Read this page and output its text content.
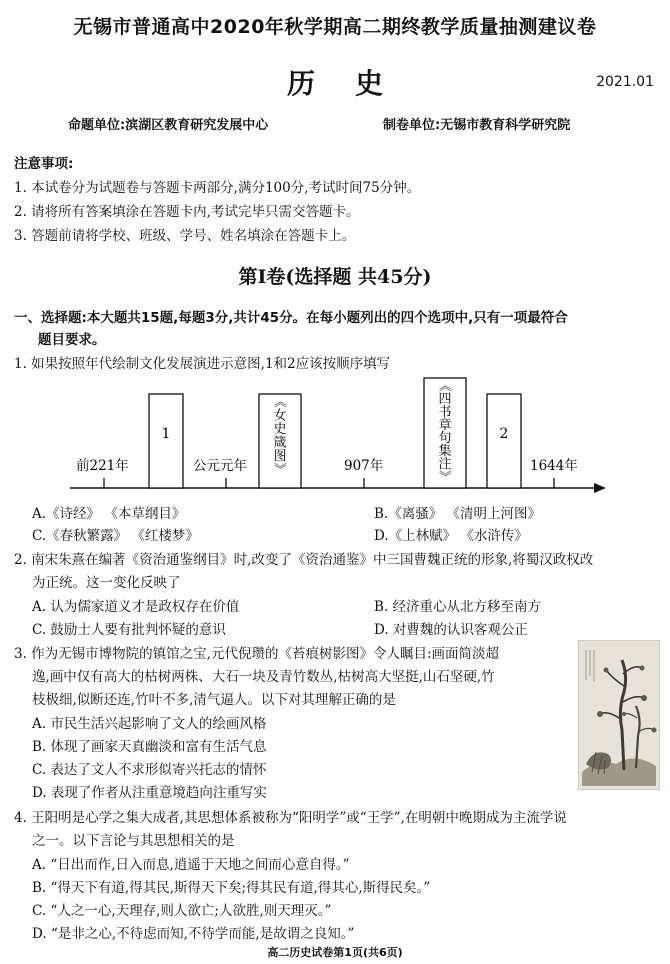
无锡市普通高中2020年秋学期高二期终教学质量抽测建议卷
历史	2021.01
命题单位:滨湖区教育研究发展中心	制卷单位:无锡市教育科学研究院
注意事项:
1. 本试卷分为试题卷与答题卡两部分,满分100分,考试时间75分钟。
2. 请将所有答案填涂在答题卡内,考试完毕只需交答题卡。
3. 答题前请将学校、班级、学号、姓名填涂在答题卡上。
第Ⅰ卷(选择题 共45分)
一、选择题:本大题共15题,每题3分,共计45分。在每小题列出的四个选项中,只有一项最符合
题目要求。
1. 如果按照年代绘制文化发展演进示意图,1和2应该按顺序填写
前221年	公元元年	907年	1644年
1
《
女
史
箴
图
》
《
四
书
章
句
集
注
》
2
A.《诗经》 《本草纲目》	B.《离骚》 《清明上河图》
C.《春秋繁露》 《红楼梦》	D.《上林赋》 《水浒传》
2. 南宋朱熹在编著《资治通鉴纲目》时,改变了《资治通鉴》中三国曹魏正统的形象,将蜀汉政权改
为正统。这一变化反映了
A. 认为儒家道义才是政权存在价值	B. 经济重心从北方移至南方
C. 鼓励士人要有批判怀疑的意识	D. 对曹魏的认识客观公正
3. 作为无锡市博物院的镇馆之宝,元代倪瓒的《苔痕树影图》令人瞩目:画面简淡超
逸,画中仅有高大的枯树两株、大石一块及青竹数丛,枯树高大坚挺,山石坚硬,竹
枝极细,似断还连,竹叶不多,清气逼人。以下对其理解正确的是
A. 市民生活兴起影响了文人的绘画风格
B. 体现了画家天真幽淡和富有生活气息
C. 表达了文人不求形似寄兴托志的情怀
D. 表现了作者从注重意境趋向注重写实
4. 王阳明是心学之集大成者,其思想体系被称为“阳明学”或“王学”,在明朝中晚期成为主流学说
之一。以下言论与其思想相关的是
A. “日出而作,日入而息,逍遥于天地之间而心意自得。”
B. “得天下有道,得其民,斯得天下矣;得其民有道,得其心,斯得民矣。”
C. “人之一心,天理存,则人欲亡;人欲胜,则天理灭。”
D. “是非之心,不待虑而知,不待学而能,是故谓之良知。”
高二历史试卷第1页(共6页)
